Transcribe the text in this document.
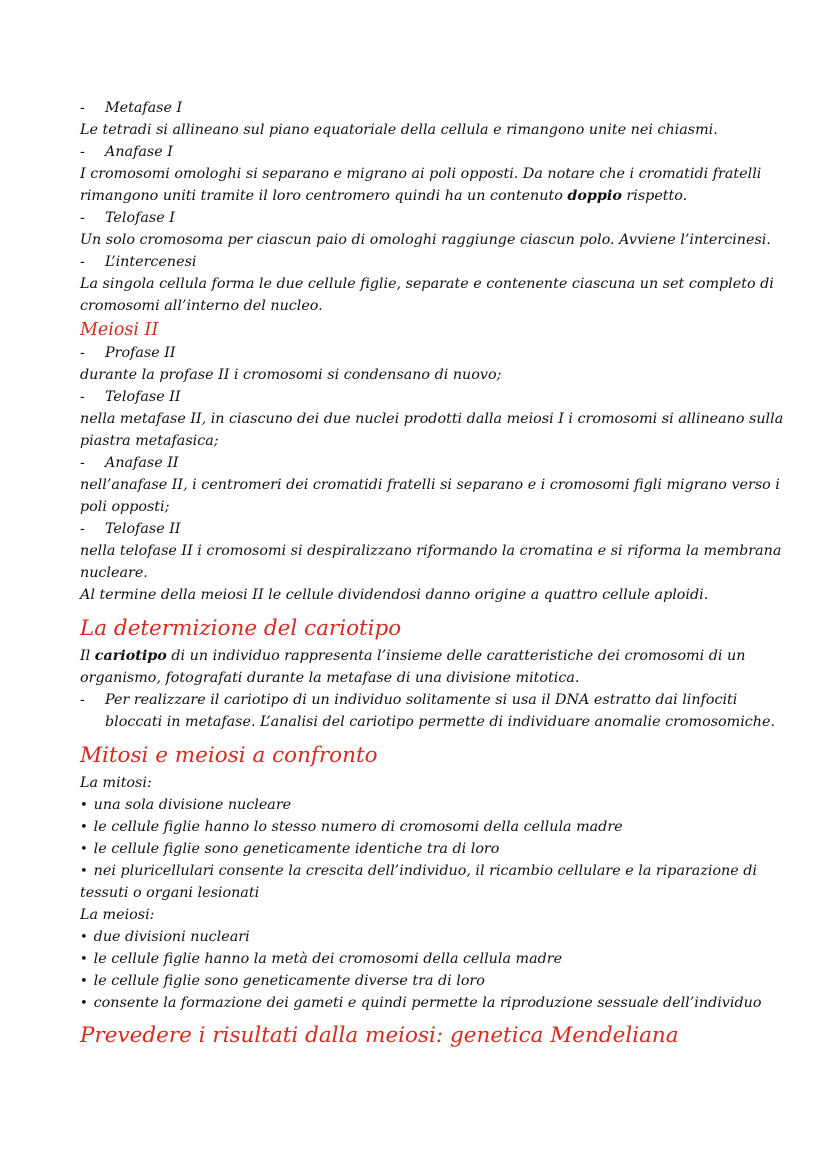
- Metafase I
Le tetradi si allineano sul piano equatoriale della cellula e rimangono unite nei chiasmi.
- Anafase I
I cromosomi omologhi si separano e migrano ai poli opposti. Da notare che i cromatidi fratelli
rimangono uniti tramite il loro centromero quindi ha un contenuto doppio rispetto.
- Telofase I
Un solo cromosoma per ciascun paio di omologhi raggiunge ciascun polo. Avviene l’intercinesi.
- L’intercenesi
La singola cellula forma le due cellule figlie, separate e contenente ciascuna un set completo di
cromosomi all’interno del nucleo.
Meiosi II
- Profase II
durante la profase II i cromosomi si condensano di nuovo;
- Telofase II
nella metafase II, in ciascuno dei due nuclei prodotti dalla meiosi I i cromosomi si allineano sulla
piastra metafasica;
- Anafase II
nell’anafase II, i centromeri dei cromatidi fratelli si separano e i cromosomi figli migrano verso i
poli opposti;
- Telofase II
nella telofase II i cromosomi si despiralizzano riformando la cromatina e si riforma la membrana
nucleare.
Al termine della meiosi II le cellule dividendosi danno origine a quattro cellule aploidi.
La determizione del cariotipo
Il cariotipo di un individuo rappresenta l’insieme delle caratteristiche dei cromosomi di un
organismo, fotografati durante la metafase di una divisione mitotica.
- Per realizzare il cariotipo di un individuo solitamente si usa il DNA estratto dai linfociti
bloccati in metafase. L’analisi del cariotipo permette di individuare anomalie cromosomiche.
Mitosi e meiosi a confronto
La mitosi:
• una sola divisione nucleare
• le cellule figlie hanno lo stesso numero di cromosomi della cellula madre
• le cellule figlie sono geneticamente identiche tra di loro
• nei pluricellulari consente la crescita dell’individuo, il ricambio cellulare e la riparazione di
tessuti o organi lesionati
La meiosi:
• due divisioni nucleari
• le cellule figlie hanno la metà dei cromosomi della cellula madre
• le cellule figlie sono geneticamente diverse tra di loro
• consente la formazione dei gameti e quindi permette la riproduzione sessuale dell’individuo
Prevedere i risultati dalla meiosi: genetica Mendeliana
